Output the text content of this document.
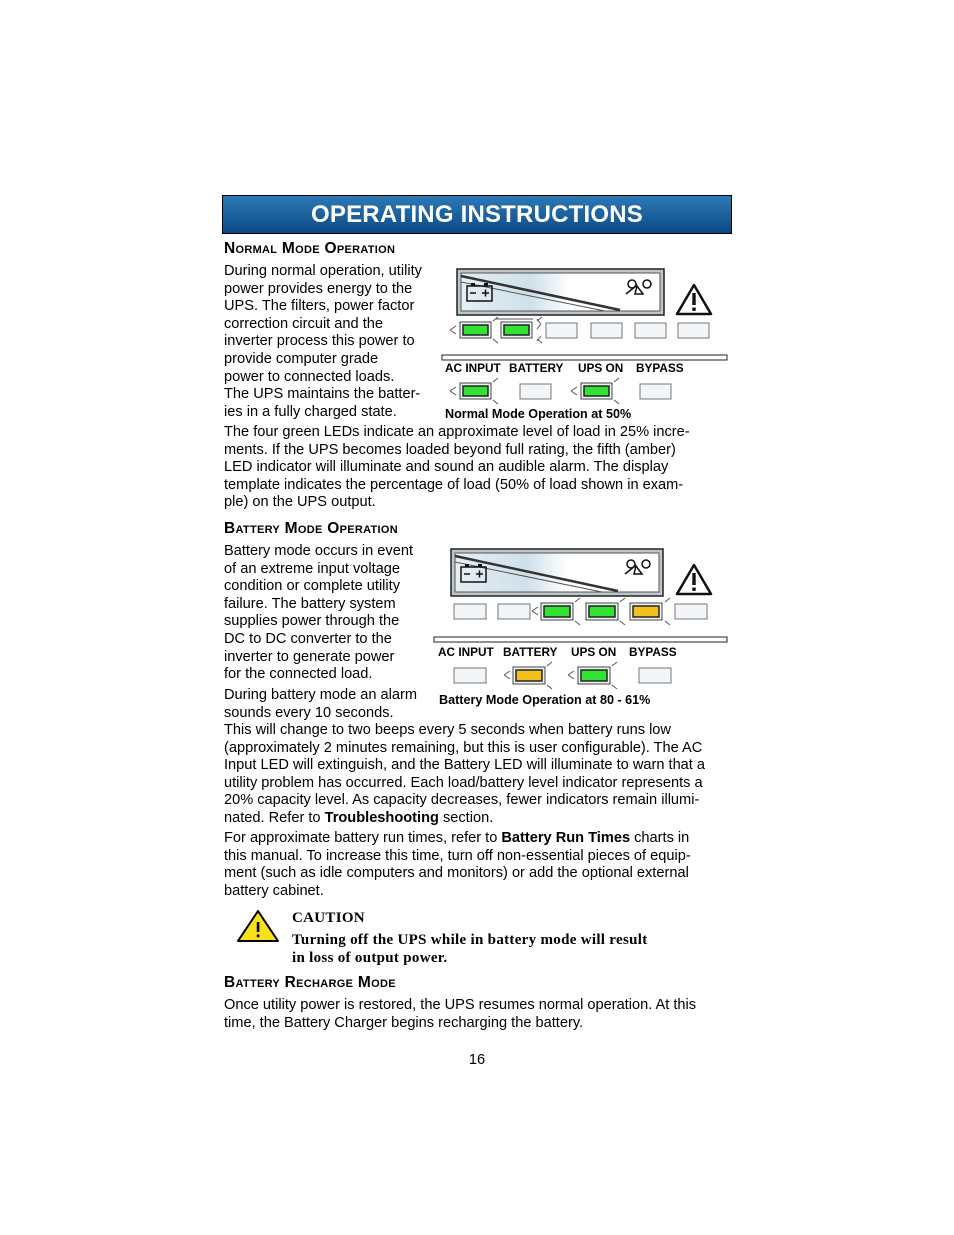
OPERATING INSTRUCTIONS
Normal Mode Operation

During normal operation, utility

power provides energy to the

UPS. The filters, power factor

correction circuit and the

inverter process this power to

provide computer grade

power to connected loads.

The UPS maintains the batter-

ies in a fully charged state.

AC INPUT BATTERY UPS ON BYPASS
Normal Mode Operation at 50%

The four green LEDs indicate an approximate level of load in 25% incre-

ments. If the UPS becomes loaded beyond full rating, the fifth (amber)

LED indicator will illuminate and sound an audible alarm. The display

template indicates the percentage of load (50% of load shown in exam-

ple) on the UPS output.

Battery Mode Operation

Battery mode occurs in event

of an extreme input voltage

condition or complete utility

failure. The battery system

supplies power through the

DC to DC converter to the

inverter to generate power

for the connected load.

During battery mode an alarm

sounds every 10 seconds.

AC INPUT BATTERY UPS ON BYPASS
Battery Mode Operation at 80 - 61%

This will change to two beeps every 5 seconds when battery runs low

(approximately 2 minutes remaining, but this is user configurable). The AC

Input LED will extinguish, and the Battery LED will illuminate to warn that a

utility problem has occurred. Each load/battery level indicator represents a

20% capacity level. As capacity decreases, fewer indicators remain illumi-

nated. Refer to Troubleshooting section.

For approximate battery run times, refer to Battery Run Times charts in

this manual. To increase this time, turn off non-essential pieces of equip-

ment (such as idle computers and monitors) or add the optional external

battery cabinet.

CAUTION
Turning off the UPS while in battery mode will result
in loss of output power.
Battery Recharge Mode

Once utility power is restored, the UPS resumes normal operation. At this

time, the Battery Charger begins recharging the battery.

16
